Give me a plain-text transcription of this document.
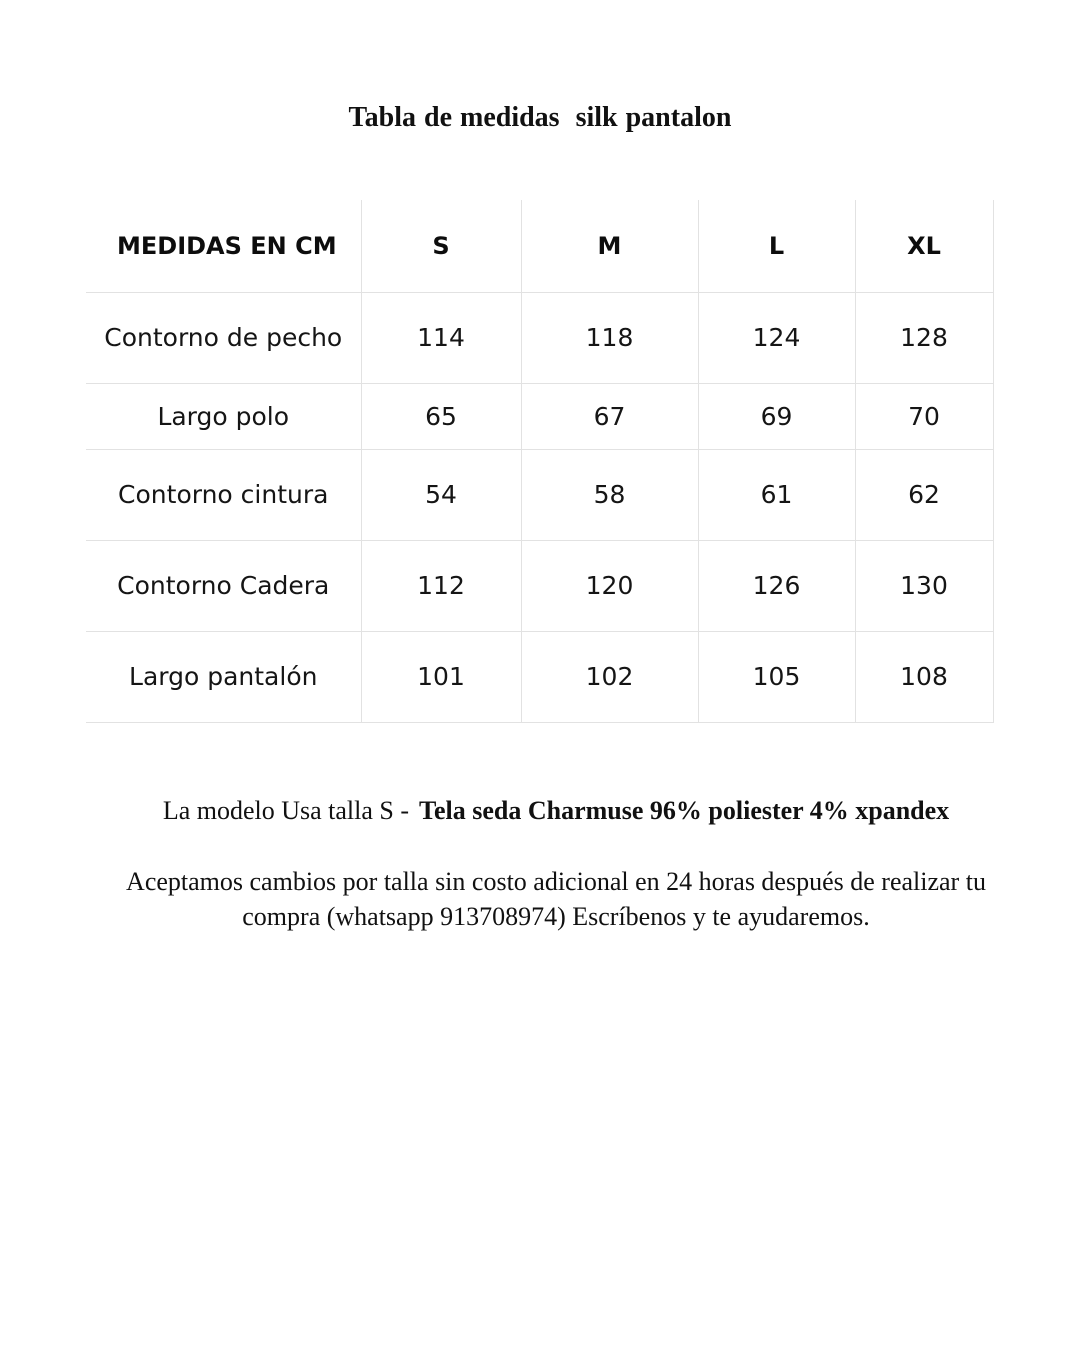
Tabla de medidas  silk pantalon
MEDIDAS EN CM	S	M	L	XL
Contorno de pecho	114	118	124	128
Largo polo	65	67	69	70
Contorno cintura	54	58	61	62
Contorno Cadera	112	120	126	130
Largo pantalón	101	102	105	108

La modelo Usa talla S - Tela seda Charmuse 96% poliester 4% xpandex

Aceptamos cambios por talla sin costo adicional en 24 horas después de realizar tu compra (whatsapp 913708974) Escríbenos y te ayudaremos.
